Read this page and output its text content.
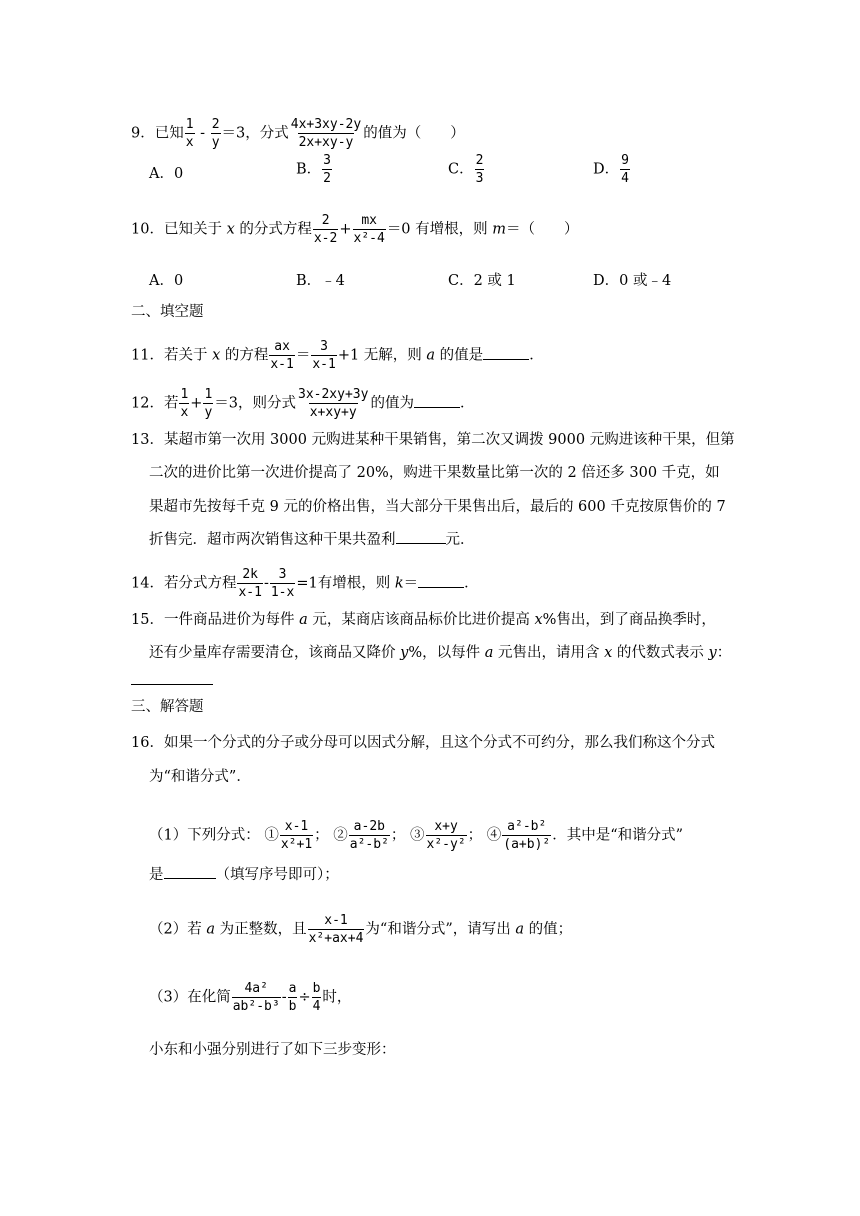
9．已知 $\frac{1}{x} - \frac{2}{y} =3$，分式 $\frac{4x+3xy-2y}{2x+xy-y}$ 的值为（　　）
A．0	B． $\frac{3}{2}$	C． $\frac{2}{3}$	D． $\frac{9}{4}$
10．已知关于 x 的分式方程 $\frac{2}{x-2} + \frac{mx}{\text{x²-4}} =0$ 有增根，则 m＝（　　）
A．0	B．﹣4	C．2 或 1	D．0 或﹣4
二、填空题
11．若关于 x 的方程 $\frac{ax}{x-1} = \frac{3}{x-1} +1$ 无解，则 a 的值是	．
12．若 $\frac{1}{x} + \frac{1}{y} =3$，则分式 $\frac{3x-2xy+3y}{x+xy+y}$ 的值为	．
13．某超市第一次用 3000 元购进某种干果销售，第二次又调拨 9000 元购进该种干果，但第
二次的进价比第一次进价提高了 20%，购进干果数量比第一次的 2 倍还多 300 千克，如
果超市先按每千克 9 元的价格出售，当大部分干果售出后，最后的 600 千克按原售价的 7
折售完．超市两次销售这种干果共盈利	元．
14．若分式方程 $\frac{2k}{x-1} - \frac{3}{1-x} =1$有增根，则 k＝	．
15．一件商品进价为每件 a 元，某商店该商品标价比进价提高 x%售出，到了商品换季时，
还有少量库存需要清仓，该商品又降价 y%，以每件 a 元售出，请用含 x 的代数式表示 y：
三、解答题
16．如果一个分式的分子或分母可以因式分解，且这个分式不可约分，那么我们称这个分式
为“和谐分式”．
（1）下列分式： ① $\frac{x-1}{\text{x²+1}}$ ； ② $\frac{a-2b}{\text{a²-b²}}$ ； ③ $\frac{x+y}{\text{x²-y²}}$ ； ④ $\frac{\text{a²-b²}}{\text{(a+b)²}}$ ．其中是“和谐分式”
是	（填写序号即可）；
（2）若 a 为正整数，且 $\frac{x-1}{\text{x²+ax+4}}$ 为“和谐分式”，请写出 a 的值；
（3）在化简 $\frac{\text{4a²}}{\text{ab²-b³}} - \frac{a}{b} \div \frac{b}{4}$ 时，
小东和小强分别进行了如下三步变形：
